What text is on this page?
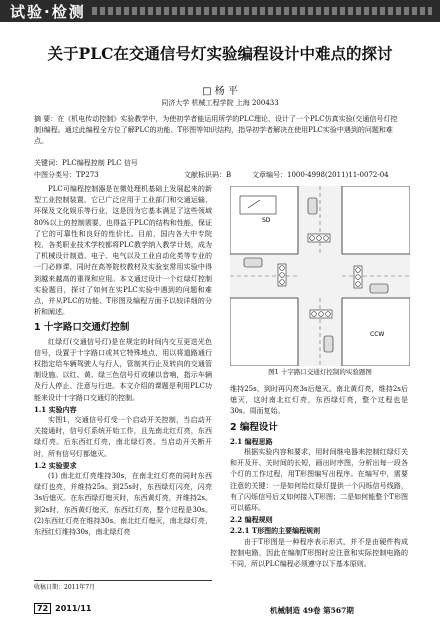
试验·检测
关于PLC在交通信号灯实验编程设计中难点的探讨
□ 杨 平
同济大学 机械工程学院 上海 200433
摘 要：在《机电传动控制》实验教学中，为使初学者能运用所学的PLC理论，设计了一个PLC仿真实验(交通信号灯控制)编程。通过此编程全方位了解PLC的功能、T形图等知识结构，指导初学者解决在使用PLC实验中遇到的问题和难点。
关键词：PLC编程控制 PLC 信号
中图分类号：TP273	文献标识码：B	文章编号：1000-4998(2011)11-0072-04

PLC可编程控制器是在微处理机基础上发展起来的新型工业控制装置，它已广泛应用于工业部门和交通运输、环保及文化娱乐等行业，这是因为它基本满足了这些领域80%以上的控制需要，也得益于PLC的结构和性能，保证了它的可靠性和良好的性价比。目前，国内各大中专院校、各类职业技术学校都将PLC教学纳入教学计划，成为了机械设计制造、电子、电气以及工业自动化类等专业的一门必修课，同时在高等院校教材及实验室常用实验中得到越来越高的重视和应用。本文通过设计一个红绿灯控制实验题目，探讨了如何在实PLC实验中遇到的问题和难点，并从PLC的功能、T形图及编程方面予以较详细的分析和阐述。

1 十字路口交通灯控制

红绿灯(交通信号灯)是在规定的时间内交互更迭光色信号，设置于十字路口或其它特殊地点，用以将道路通行权指定给车辆驾驶人与行人，管制其行止及转向的交通管制设施。以红、黄、绿三色信号灯或辅以音响，指示车辆及行人停止、注意与行进。本文介绍的课题是利用PLC功能来设计十字路口交通灯的控制。

1.1 实验内容

实图1，交通信号灯受一个启动开关控制，当启动开关接通时，信号灯系统开始工作，且先南北红灯亮，东西绿灯亮。后东西红灯亮，南北绿灯亮。当启动开关断开时，所有信号灯都熄灭。

1.2 实验要求

(1) 南北红灯亮维持30s，在南北红灯亮的同时东西绿灯也亮，并维持25s。到25s时，东西绿灯闪亮，闪亮3s后熄灭。在东西绿灯熄灭时，东西黄灯亮，并维持2s。到2s时，东西黄灯熄灭，东西红灯亮，整个过程是30s。(2)东西红灯亮在维持30s。南北红灯熄灭，南北绿灯亮，东西红灯维持30s，南北绿灯亮

SD
CCW
图1 十字路口交通灯控制的实验题图

维持25s，到时再闪亮3s后熄灭。南北黄灯亮，维持2s后熄灭，这时南北红灯亮，东西绿灯亮，整个过程也是30s。周而复始。

2 编程设计

2.1 编程思路

根据实验内容和要求，用时间继电器来控制红绿灯关和开及开、关时间的长短，画出时序图，分析出每一段各个灯的工作过程，用T形图编写出程序。在编写中，需要注意的关键：一是如何给红绿灯提供一个闪烁信号线路，有了闪烁信号后又如何接入T形图；二是如何能整个T形图可以循环。

2.2 编程规则

2.2.1 T形图的主要编程规则

由于T形图是一种程序表示形式，并不是由硬件构成控制电路，因此在编制T形图时应注意和实际控制电路的不同，所以PLC编程必须遵守以下基本原则。

收稿日期：2011年7月
72 2011/11	机械制造 49卷 第567期
